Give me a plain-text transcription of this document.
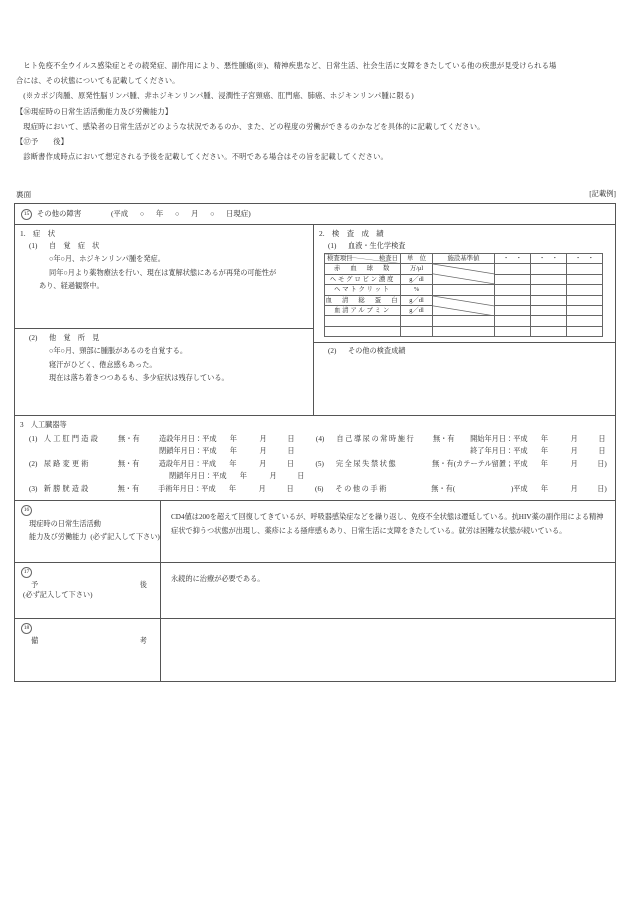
ヒト免疫不全ウイルス感染症とその続発症、副作用により、悪性腫瘍(※)、精神疾患など、日常生活、社会生活に支障をきたしている他の疾患が見受けられる場

合には、その状態についても記載してください。

(※カポジ肉腫、原発性脳リンパ腫、非ホジキンリンパ腫、浸潤性子宮頸癌、肛門癌、肺癌、ホジキンリンパ腫に限る)

【⑯現症時の日常生活活動能力及び労働能力】

現症時において、感染者の日常生活がどのような状況であるのか、また、どの程度の労働ができるのかなどを具体的に記載してください。

【⑰予　　後】

診断書作成時点において想定される予後を記載してください。不明である場合はその旨を記載してください。

裏面	[記載例]
15 その他の障害	(平成 ○ 年 ○ 月 ○ 日現症)
1.　症　状
(1) 自　覚　症　状
○年○月、ホジキンリンパ腫を発症。
同年○月より薬物療法を行い、現在は寛解状態にあるが再発の可能性が
あり、経過観察中。
(2) 他　覚　所　見
○年○月、頸部に腫脹があるのを自覚する。
寝汗がひどく、倦怠感もあった。
現在は落ち着きつつあるも、多少症状は残存している。
2.　検　査　成　績
(1) 血液・生化学検査
検査日
検査項目	単　位	施設基準値	・　・	・　・	・　・
赤　血　球　数	万/μl	

ヘモグロビン濃度	g／dl				
ヘマトクリット	%				
血　清　総　蛋　白	g／dl	

血清アルブミン	g／dl				

(2) その他の検査成績
3　人工臓器等
(1) 人工肛門造設	無・有	造設年月日：平成 年	月	日	(4)	自己導尿の常時施行	無・有	開始年月日：平成 年	月	日
閉鎖年月日：平成 年	月	日	終了年月日：平成 年	月	日
(2) 尿路変更術	無・有	造設年月日：平成 年	月	日	(5)	完全尿失禁状態	無・有(カテーテル留置；平成 年	月	日)
閉鎖年月日：平成 年	月	日
(3) 新膀胱造設	無・有	手術年月日：平成 年	月	日	(6)	その他の手術	無・有(	)平成 年	月	日)
16
現症時の日常生活活動 能力及び労働能力 (必ず記入して下さい)
CD4値は200を超えて回復してきているが、呼吸器感染症などを繰り返し、免疫不全状態は遷延している。抗HIV薬の副作用による精神
症状で抑うつ状態が出現し、薬疹による掻痒感もあり、日常生活に支障をきたしている。就労は困難な状態が続いている。
17
予　　　　後
(必ず記入して下さい)
永続的に治療が必要である。
18
備　　　　考
